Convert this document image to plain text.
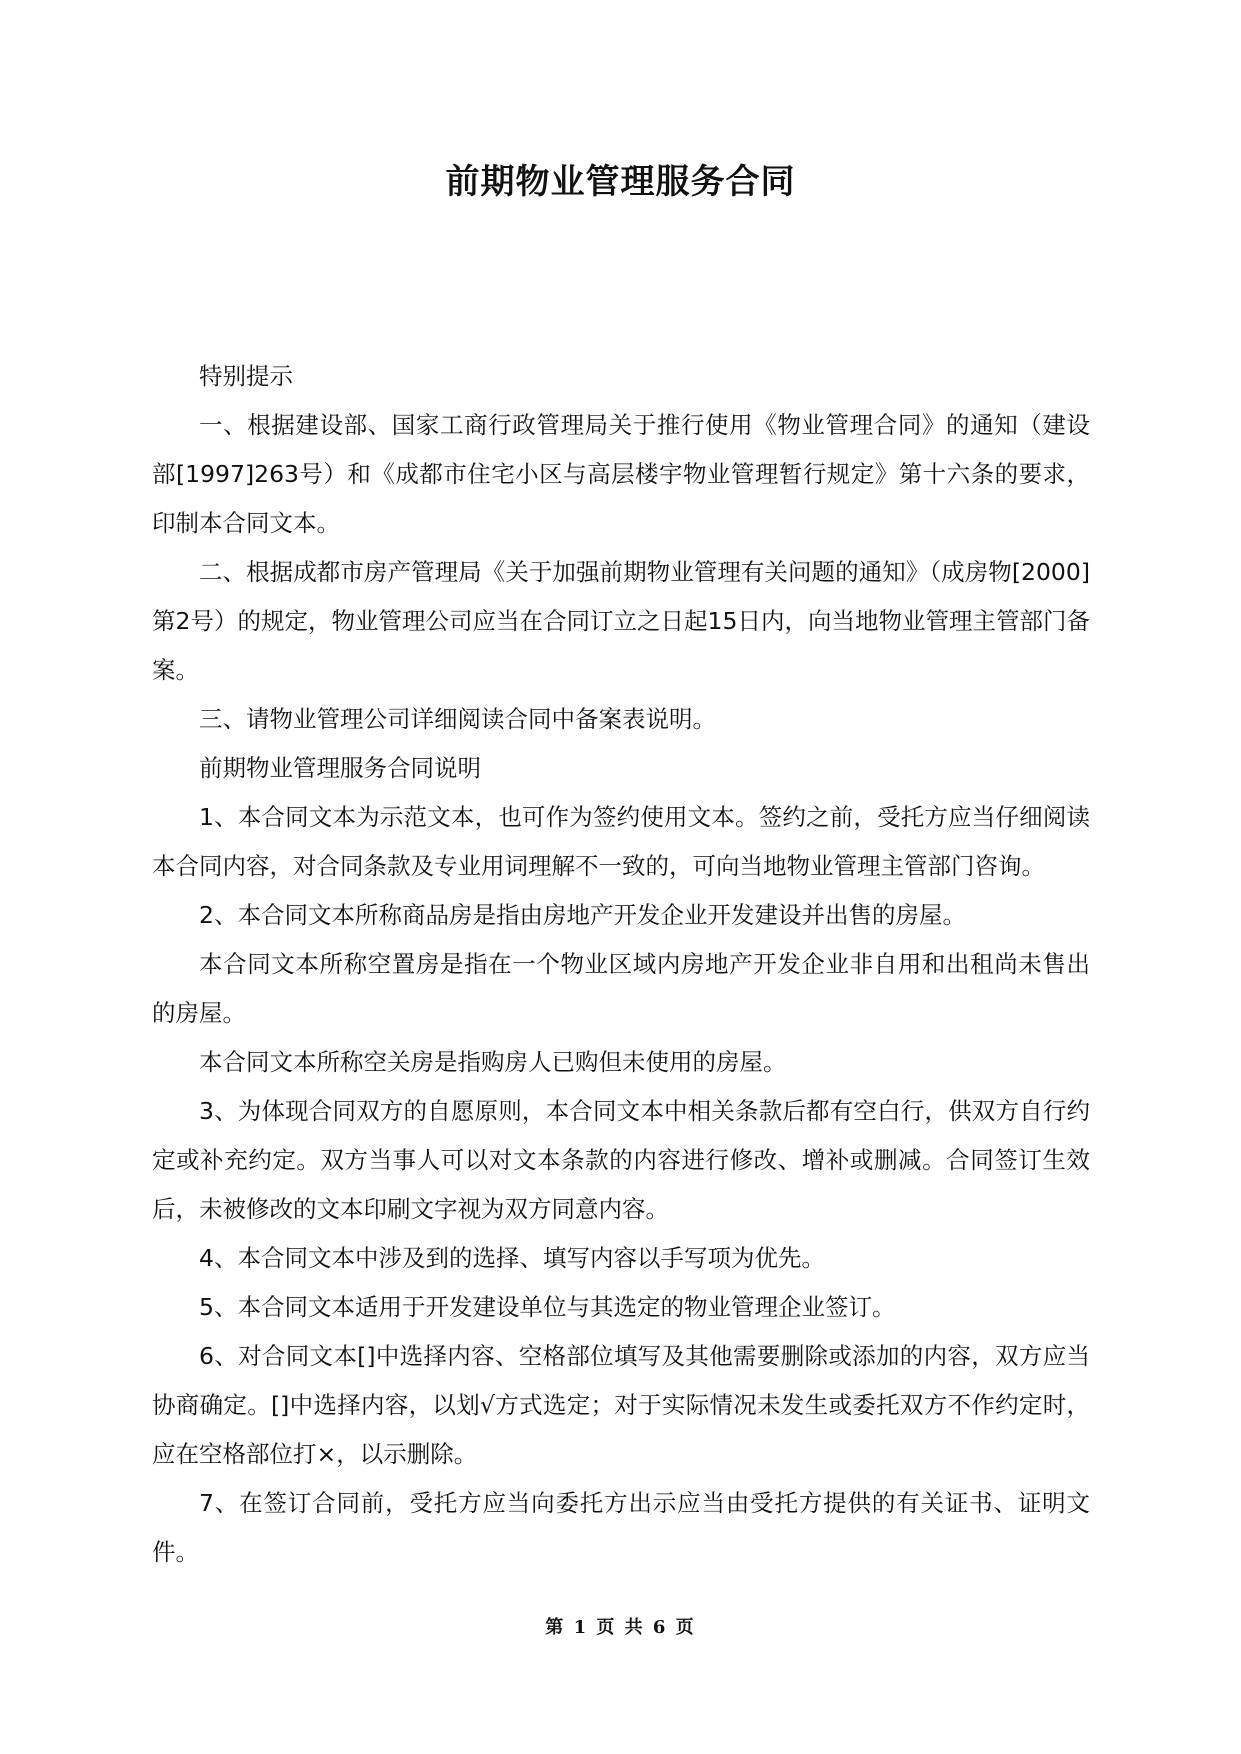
前期物业管理服务合同

特别提示

一、根据建设部、国家工商行政管理局关于推行使用《物业管理合同》的通知（建设部[1997]263号）和《成都市住宅小区与高层楼宇物业管理暂行规定》第十六条的要求，印制本合同文本。

二、根据成都市房产管理局《关于加强前期物业管理有关问题的通知》（成房物[2000]第2号）的规定，物业管理公司应当在合同订立之日起15日内，向当地物业管理主管部门备案。

三、请物业管理公司详细阅读合同中备案表说明。

前期物业管理服务合同说明

1、本合同文本为示范文本，也可作为签约使用文本。签约之前，受托方应当仔细阅读本合同内容，对合同条款及专业用词理解不一致的，可向当地物业管理主管部门咨询。

2、本合同文本所称商品房是指由房地产开发企业开发建设并出售的房屋。

本合同文本所称空置房是指在一个物业区域内房地产开发企业非自用和出租尚未售出的房屋。

本合同文本所称空关房是指购房人已购但未使用的房屋。

3、为体现合同双方的自愿原则，本合同文本中相关条款后都有空白行，供双方自行约定或补充约定。双方当事人可以对文本条款的内容进行修改、增补或删减。合同签订生效后，未被修改的文本印刷文字视为双方同意内容。

4、本合同文本中涉及到的选择、填写内容以手写项为优先。

5、本合同文本适用于开发建设单位与其选定的物业管理企业签订。

6、对合同文本[]中选择内容、空格部位填写及其他需要删除或添加的内容，双方应当协商确定。[]中选择内容，以划√方式选定；对于实际情况未发生或委托双方不作约定时，应在空格部位打×，以示删除。

7、在签订合同前，受托方应当向委托方出示应当由受托方提供的有关证书、证明文件。

第 1 页 共 6 页
